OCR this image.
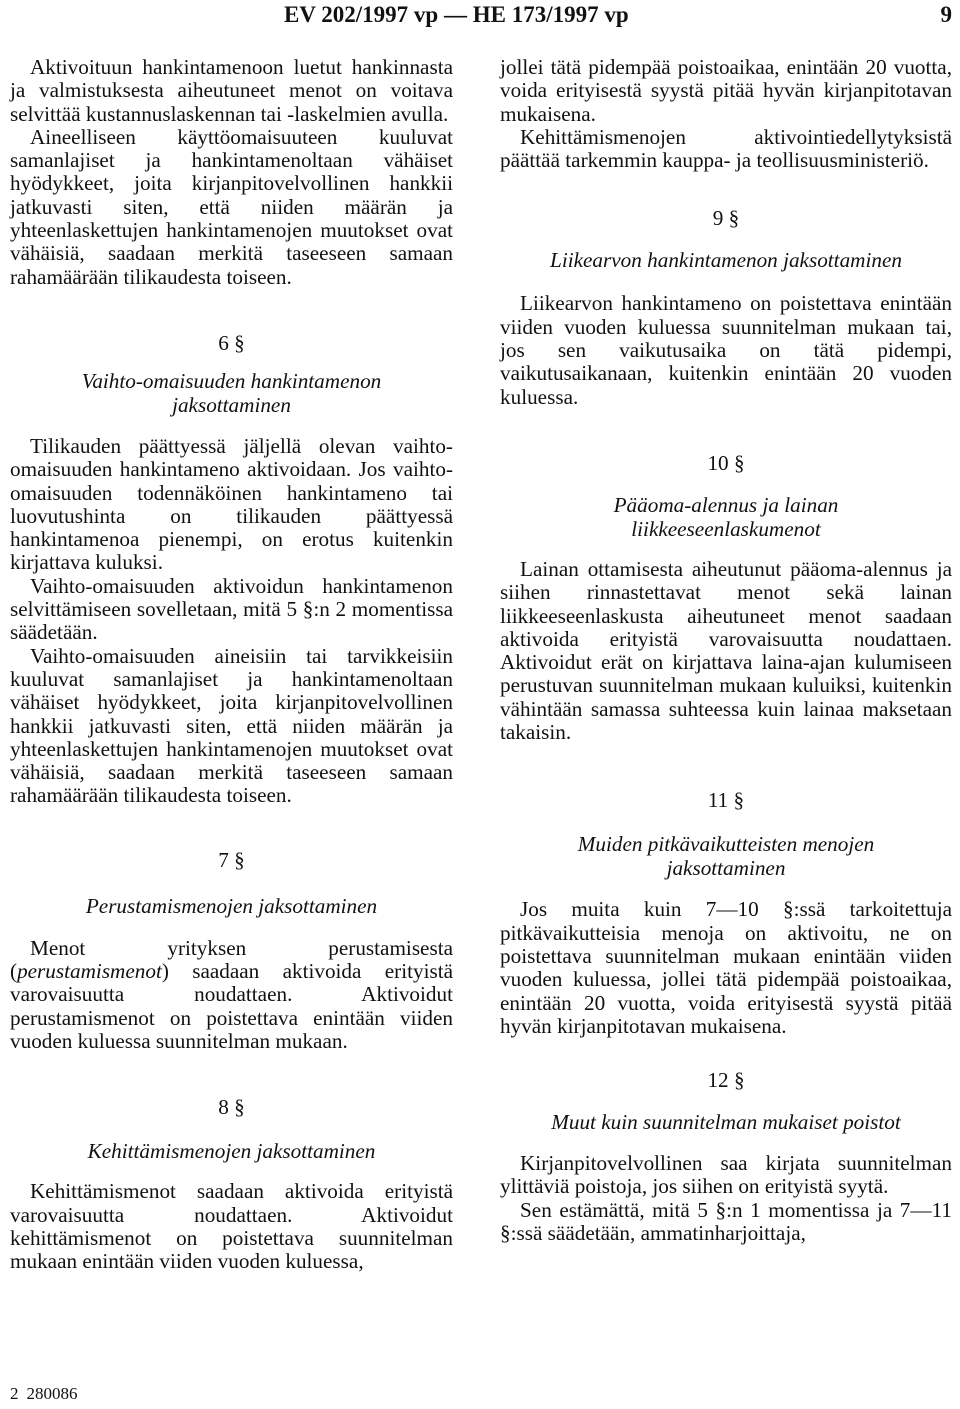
EV 202/1997 vp — HE 173/1997 vp	9

Aktivoituun hankintamenoon luetut hankinnasta ja valmistuksesta aiheutuneet menot on voitava selvittää kustannuslaskennan tai -laskelmien avulla.

Aineelliseen käyttöomaisuuteen kuuluvat samanlajiset ja hankintamenoltaan vähäiset hyödykkeet, joita kirjanpitovelvollinen hankkii jatkuvasti siten, että niiden määrän ja yhteenlaskettujen hankintamenojen muutokset ovat vähäisiä, saadaan merkitä taseeseen samaan rahamäärään tilikaudesta toiseen.

6 §
Vaihto-omaisuuden hankintamenon jaksottaminen

Tilikauden päättyessä jäljellä olevan vaihto-omaisuuden hankintameno aktivoidaan. Jos vaihto-omaisuuden todennäköinen hankintameno tai luovutushinta on tilikauden päättyessä hankintamenoa pienempi, on erotus kuitenkin kirjattava kuluksi.

Vaihto-omaisuuden aktivoidun hankintamenon selvittämiseen sovelletaan, mitä 5 §:n 2 momentissa säädetään.

Vaihto-omaisuuden aineisiin tai tarvikkeisiin kuuluvat samanlajiset ja hankintamenoltaan vähäiset hyödykkeet, joita kirjanpitovelvollinen hankkii jatkuvasti siten, että niiden määrän ja yhteenlaskettujen hankintamenojen muutokset ovat vähäisiä, saadaan merkitä taseeseen samaan rahamäärään tilikaudesta toiseen.

7 §
Perustamismenojen jaksottaminen

Menot yrityksen perustamisesta (perustamismenot) saadaan aktivoida erityistä varovaisuutta noudattaen. Aktivoidut perustamismenot on poistettava enintään viiden vuoden kuluessa suunnitelman mukaan.

8 §
Kehittämismenojen jaksottaminen

Kehittämismenot saadaan aktivoida erityistä varovaisuutta noudattaen. Aktivoidut kehittämismenot on poistettava suunnitelman mukaan enintään viiden vuoden kuluessa,

jollei tätä pidempää poistoaikaa, enintään 20 vuotta, voida erityisestä syystä pitää hyvän kirjanpitotavan mukaisena.

Kehittämismenojen aktivointiedellytyksistä päättää tarkemmin kauppa- ja teollisuusministeriö.

9 §
Liikearvon hankintamenon jaksottaminen

Liikearvon hankintameno on poistettava enintään viiden vuoden kuluessa suunnitelman mukaan tai, jos sen vaikutusaika on tätä pidempi, vaikutusaikanaan, kuitenkin enintään 20 vuoden kuluessa.

10 §
Pääoma-alennus ja lainan liikkeeseenlaskumenot

Lainan ottamisesta aiheutunut pääoma-alennus ja siihen rinnastettavat menot sekä lainan liikkeeseenlaskusta aiheutuneet menot saadaan aktivoida erityistä varovaisuutta noudattaen. Aktivoidut erät on kirjattava laina-ajan kulumiseen perustuvan suunnitelman mukaan kuluiksi, kuitenkin vähintään samassa suhteessa kuin lainaa maksetaan takaisin.

11 §
Muiden pitkävaikutteisten menojen jaksottaminen

Jos muita kuin 7—10 §:ssä tarkoitettuja pitkävaikutteisia menoja on aktivoitu, ne on poistettava suunnitelman mukaan enintään viiden vuoden kuluessa, jollei tätä pidempää poistoaikaa, enintään 20 vuotta, voida erityisestä syystä pitää hyvän kirjanpitotavan mukaisena.

12 §
Muut kuin suunnitelman mukaiset poistot

Kirjanpitovelvollinen saa kirjata suunnitelman ylittäviä poistoja, jos siihen on erityistä syytä.

Sen estämättä, mitä 5 §:n 1 momentissa ja 7—11 §:ssä säädetään, ammatinharjoittaja,

2 280086
